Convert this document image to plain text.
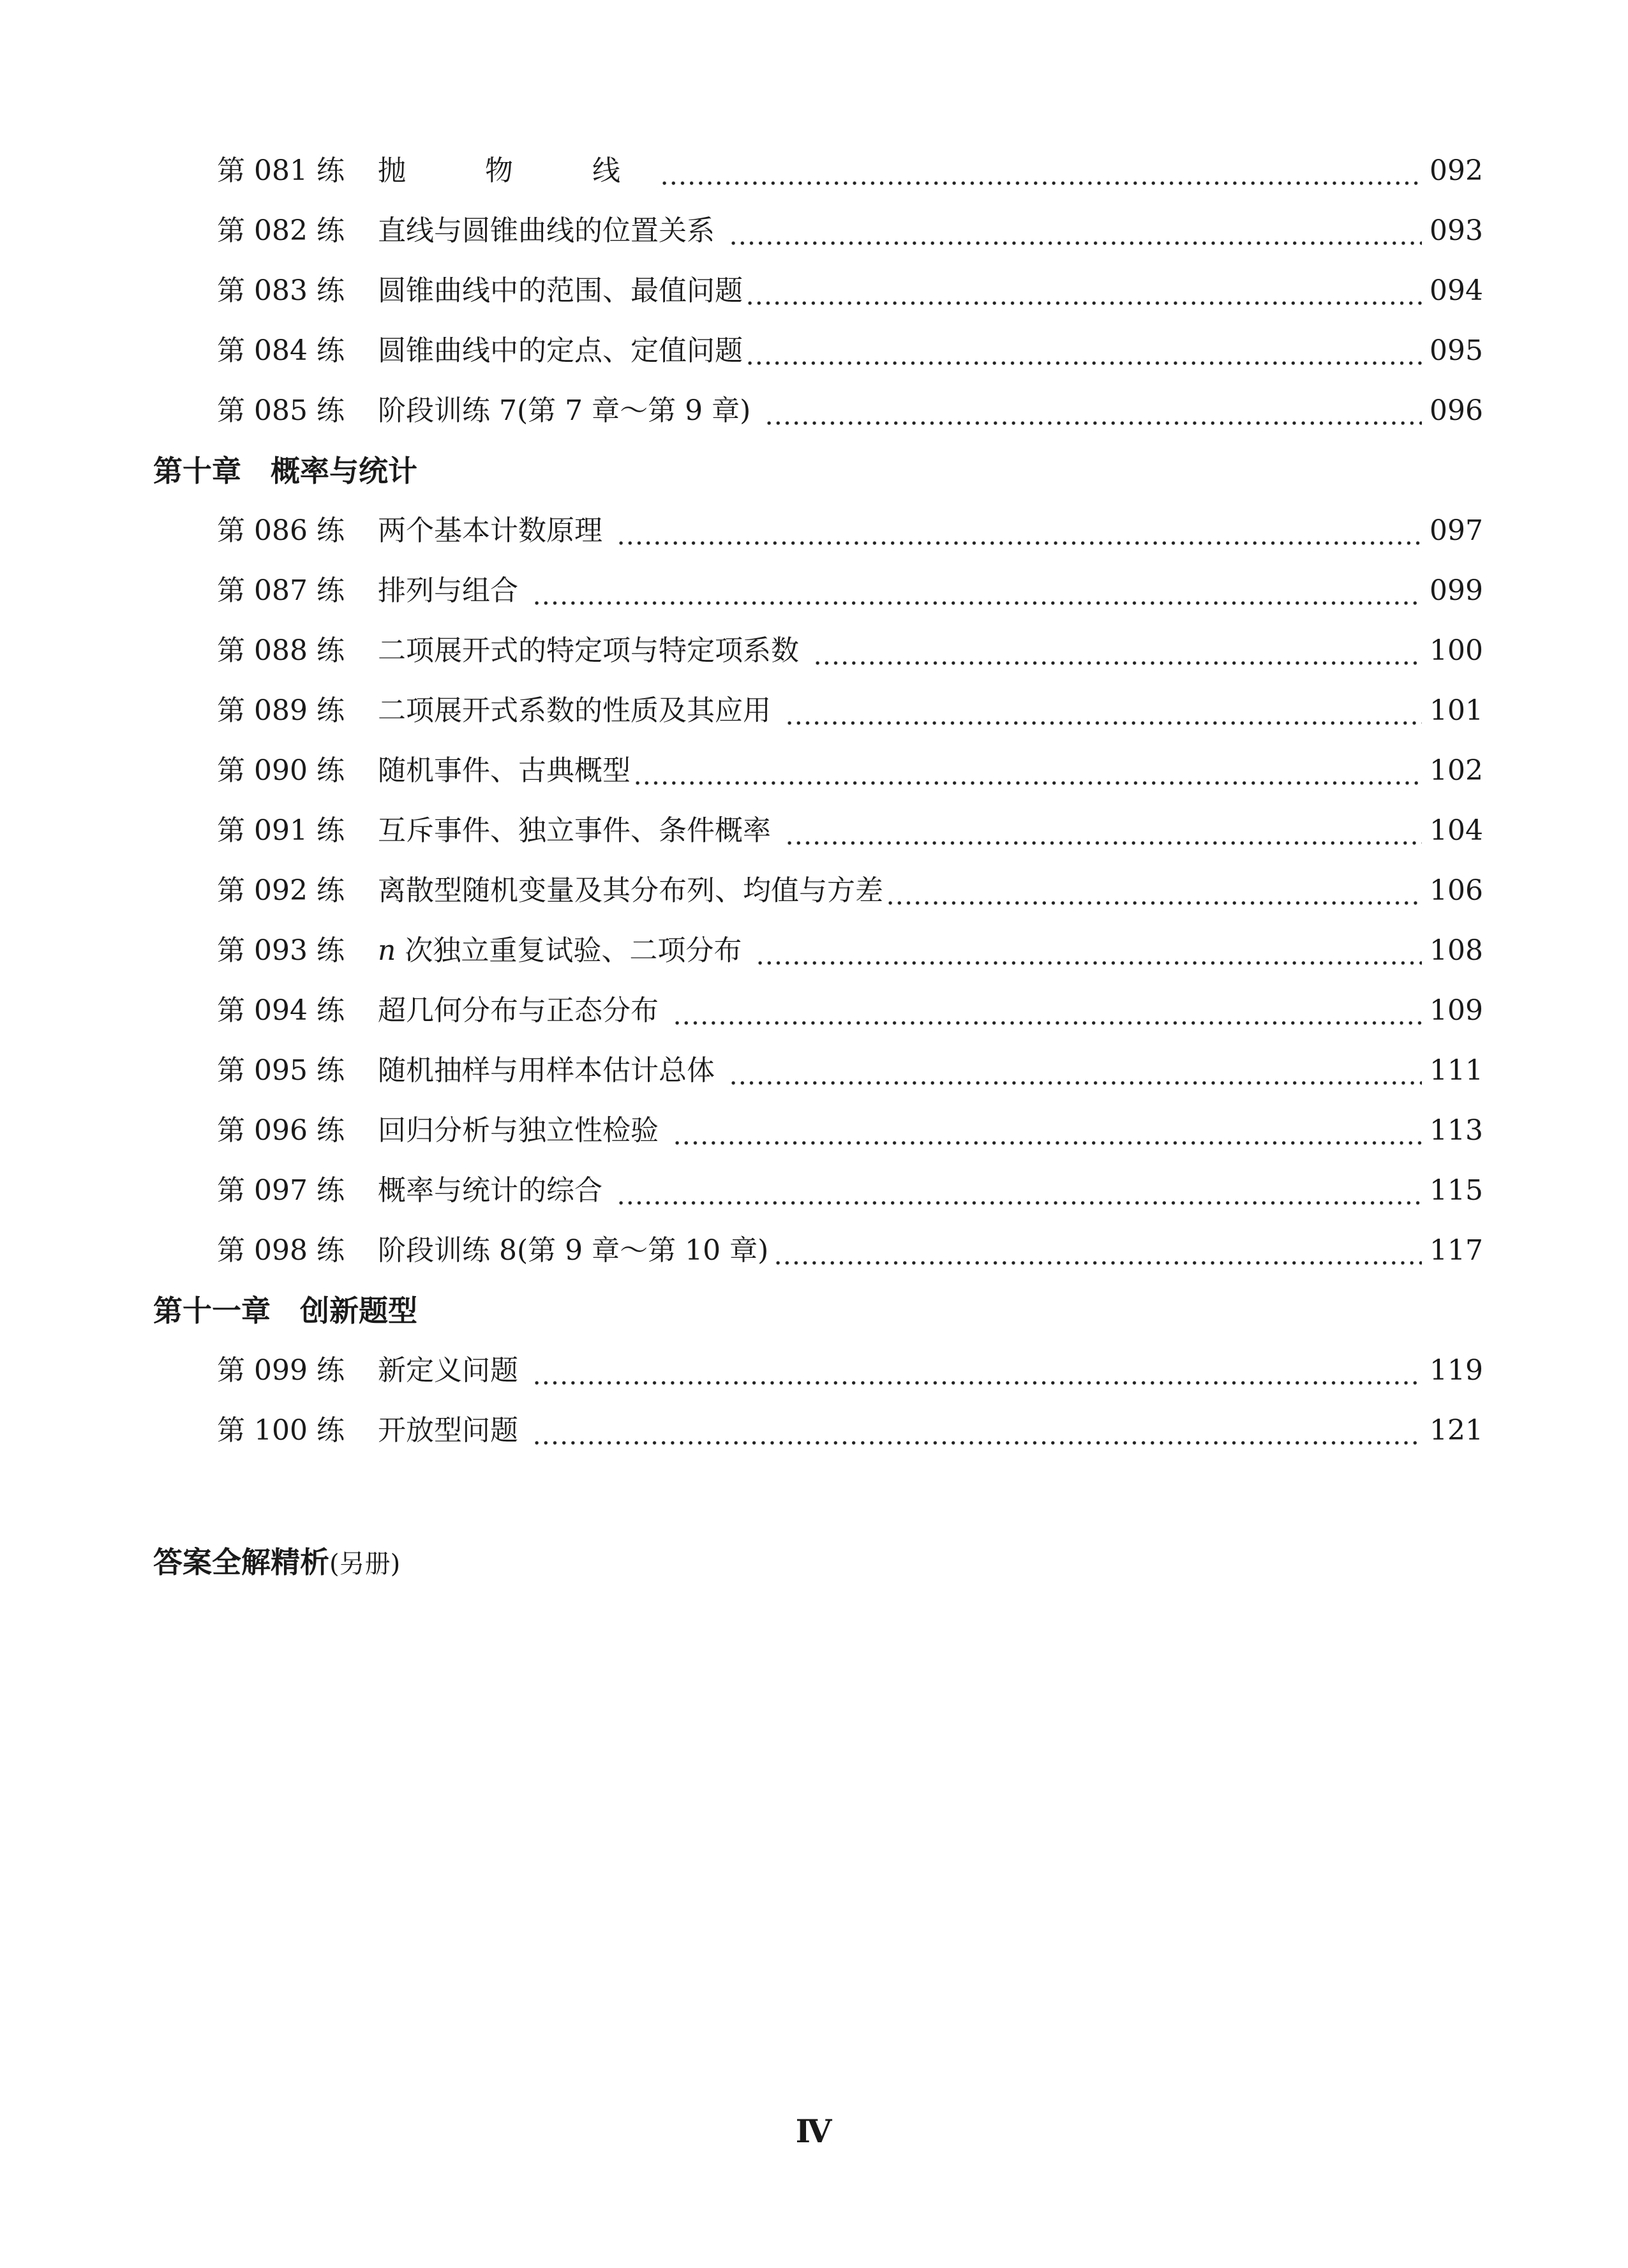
第 081 练	抛　物　线	092
第 082 练	直线与圆锥曲线的位置关系	093
第 083 练	圆锥曲线中的范围、最值问题	094
第 084 练	圆锥曲线中的定点、定值问题	095
第 085 练	阶段训练 7(第 7 章～第 9 章)	096
第十章 概率与统计
第 086 练	两个基本计数原理	097
第 087 练	排列与组合	099
第 088 练	二项展开式的特定项与特定项系数	100
第 089 练	二项展开式系数的性质及其应用	101
第 090 练	随机事件、古典概型	102
第 091 练	互斥事件、独立事件、条件概率	104
第 092 练	离散型随机变量及其分布列、均值与方差	106
第 093 练	n 次独立重复试验、二项分布	108
第 094 练	超几何分布与正态分布	109
第 095 练	随机抽样与用样本估计总体	111
第 096 练	回归分析与独立性检验	113
第 097 练	概率与统计的综合	115
第 098 练	阶段训练 8(第 9 章～第 10 章)	117
第十一章 创新题型
第 099 练	新定义问题	119
第 100 练	开放型问题	121
答案全解精析(另册)
Ⅳ
